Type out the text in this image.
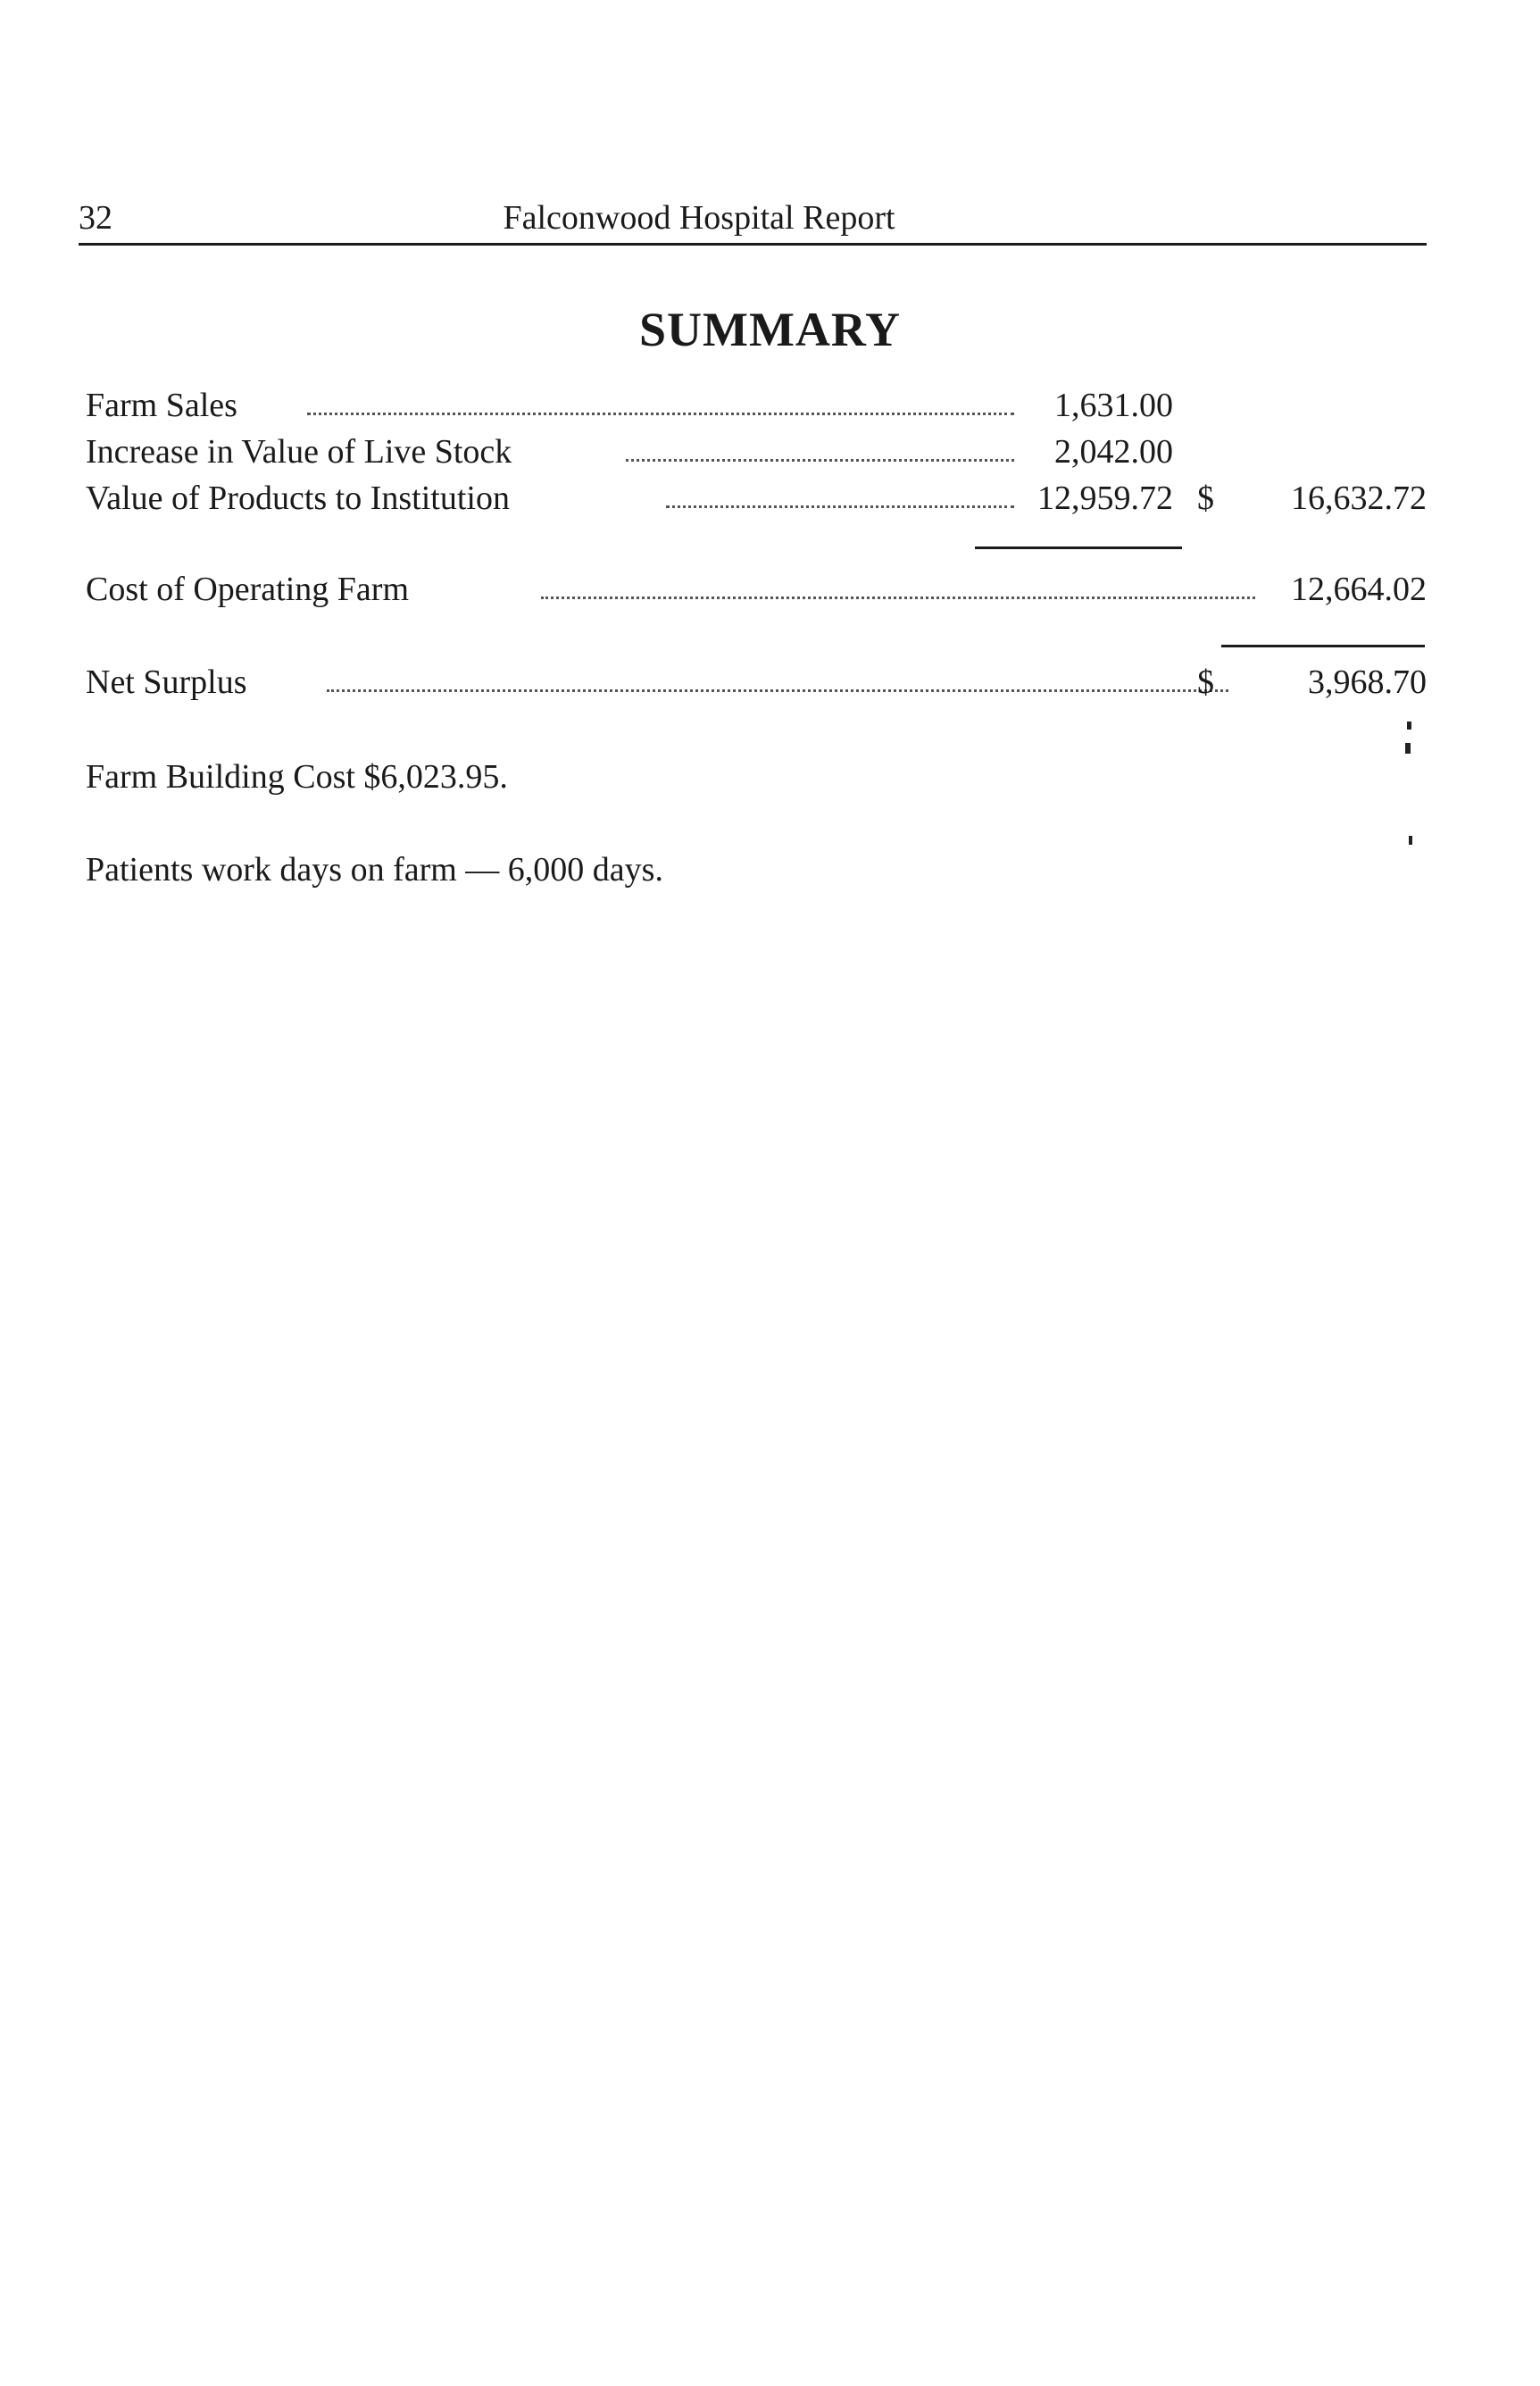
32	Falconwood Hospital Report
SUMMARY
Farm Sales	1,631.00
Increase in Value of Live Stock	2,042.00
Value of Products to Institution	12,959.72 $	16,632.72
Cost of Operating Farm	12,664.02
Net Surplus	$	3,968.70
Farm Building Cost $6,023.95.
Patients work days on farm — 6,000 days.
